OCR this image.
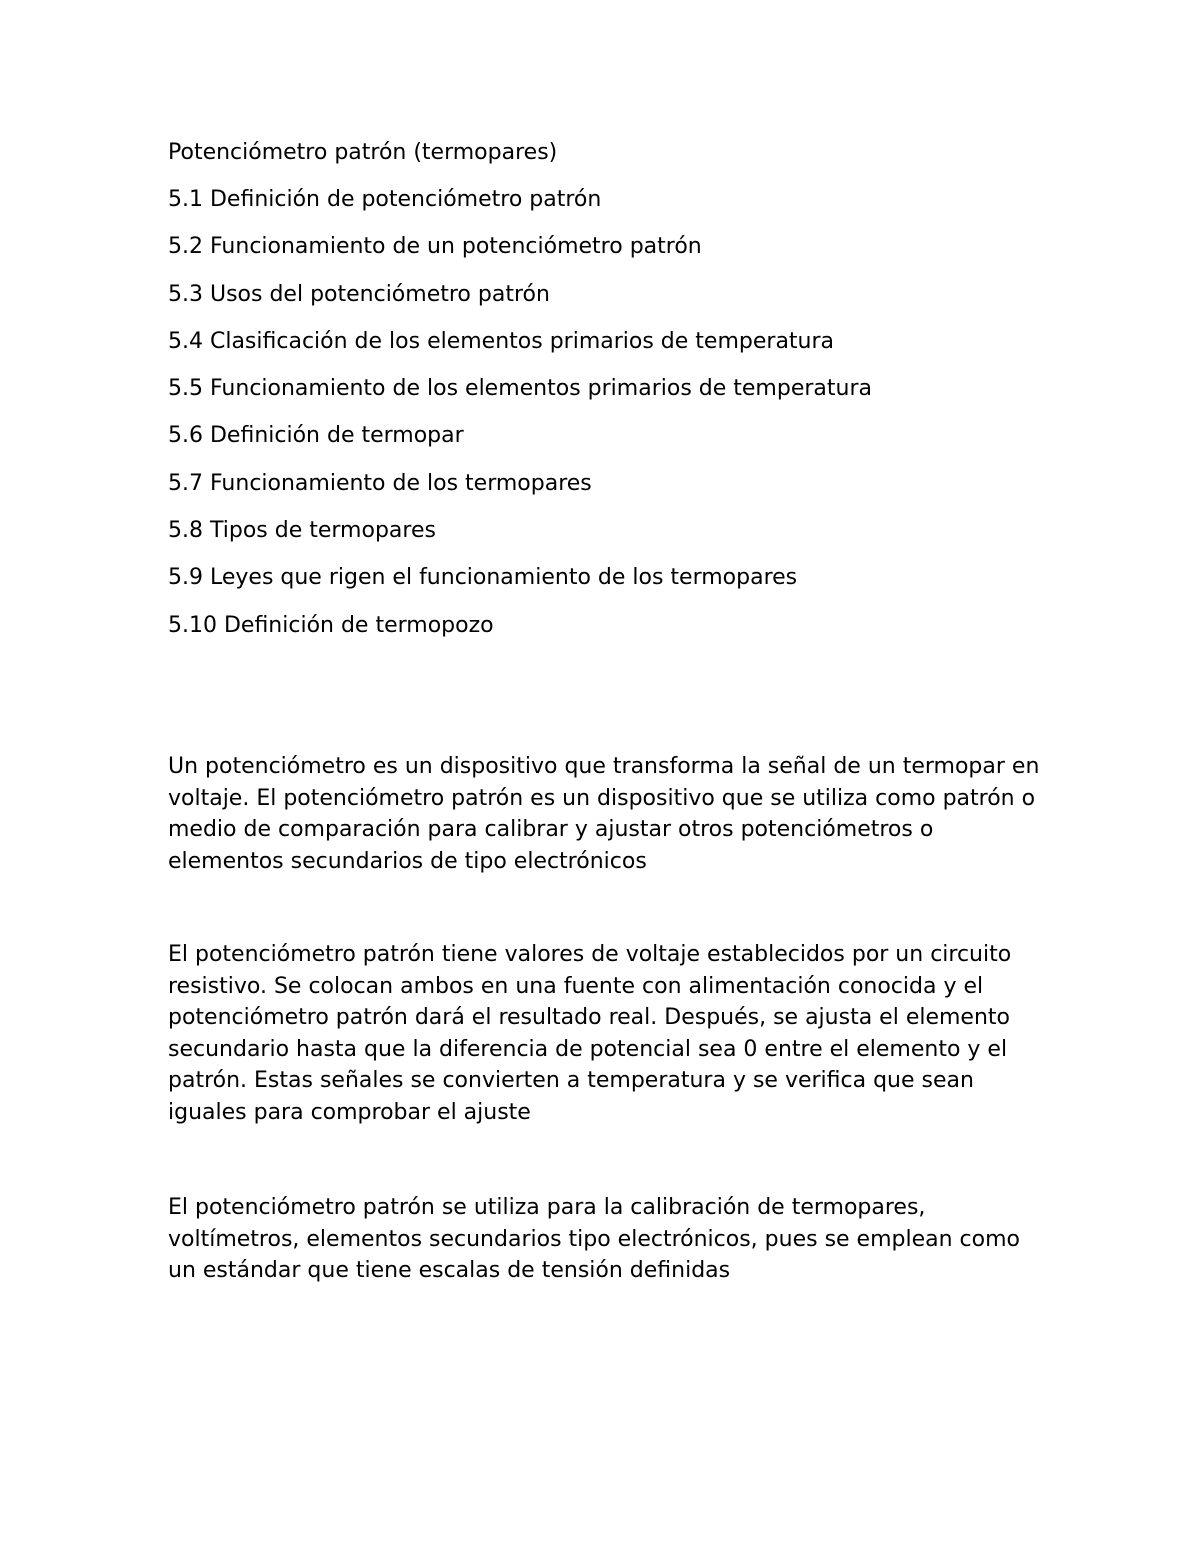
Potenciómetro patrón (termopares)

5.1 Definición de potenciómetro patrón
5.2 Funcionamiento de un potenciómetro patrón
5.3 Usos del potenciómetro patrón
5.4 Clasificación de los elementos primarios de temperatura
5.5 Funcionamiento de los elementos primarios de temperatura
5.6 Definición de termopar
5.7 Funcionamiento de los termopares
5.8 Tipos de termopares
5.9 Leyes que rigen el funcionamiento de los termopares
5.10 Definición de termopozo

Un potenciómetro es un dispositivo que transforma la señal de un termopar en voltaje. El potenciómetro patrón es un dispositivo que se utiliza como patrón o medio de comparación para calibrar y ajustar otros potenciómetros o elementos secundarios de tipo electrónicos

El potenciómetro patrón tiene valores de voltaje establecidos por un circuito resistivo. Se colocan ambos en una fuente con alimentación conocida y el potenciómetro patrón dará el resultado real. Después, se ajusta el elemento secundario hasta que la diferencia de potencial sea 0 entre el elemento y el patrón. Estas señales se convierten a temperatura y se verifica que sean iguales para comprobar el ajuste

El potenciómetro patrón se utiliza para la calibración de termopares, voltímetros, elementos secundarios tipo electrónicos, pues se emplean como un estándar que tiene escalas de tensión definidas
